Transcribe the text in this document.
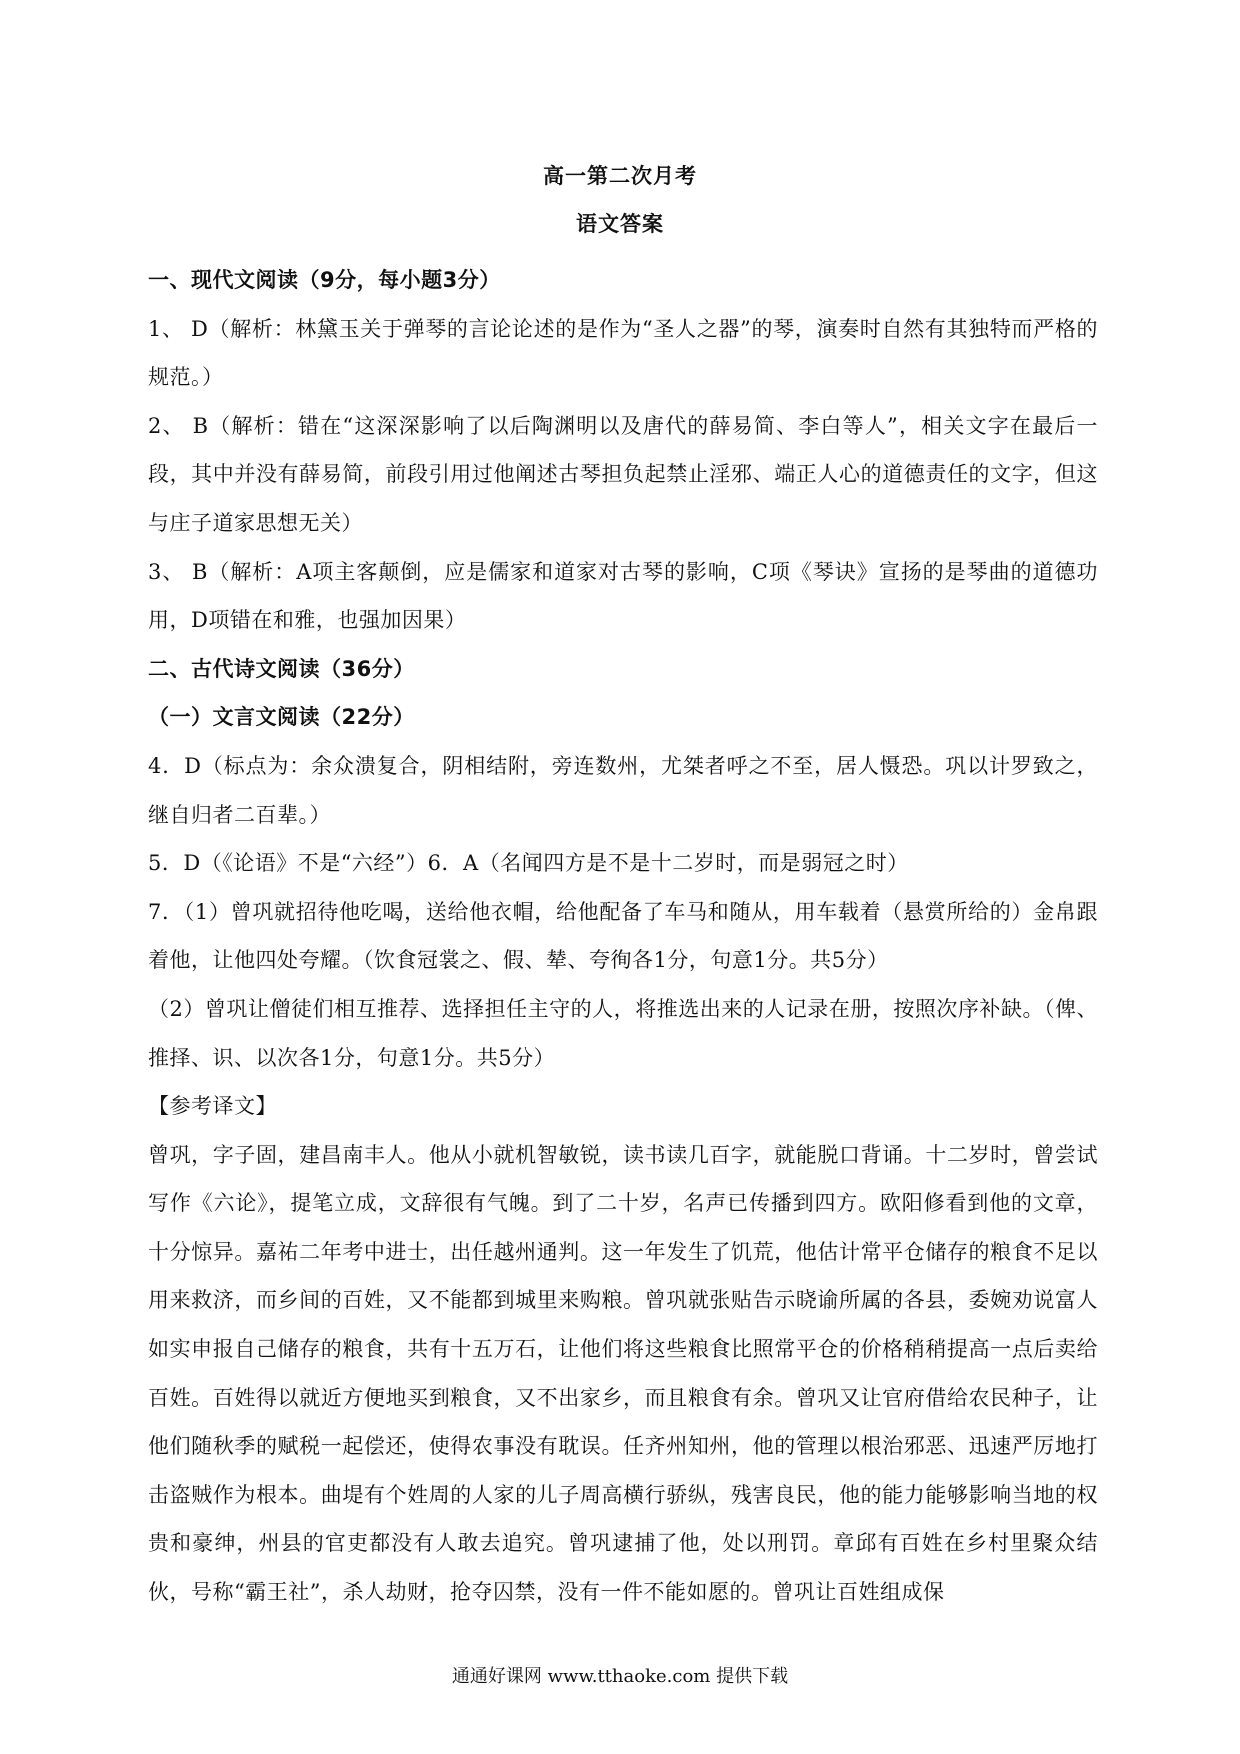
高一第二次月考
语文答案

一、现代文阅读（9分，每小题3分）

1、 D（解析：林黛玉关于弹琴的言论论述的是作为“圣人之器”的琴，演奏时自然有其独特而严格的规范。）

2、 B（解析：错在“这深深影响了以后陶渊明以及唐代的薛易简、李白等人”，相关文字在最后一段，其中并没有薛易简，前段引用过他阐述古琴担负起禁止淫邪、端正人心的道德责任的文字，但这与庄子道家思想无关）

3、 B（解析：A项主客颠倒，应是儒家和道家对古琴的影响，C项《琴诀》宣扬的是琴曲的道德功用，D项错在和雅，也强加因果）

二、古代诗文阅读（36分）

（一）文言文阅读（22分）

4．D（标点为：余众溃复合，阴相结附，旁连数州，尤桀者呼之不至，居人慑恐。巩以计罗致之，继自归者二百辈。）

5．D（《论语》不是“六经”）6．A（名闻四方是不是十二岁时，而是弱冠之时）

7．（1）曾巩就招待他吃喝，送给他衣帽，给他配备了车马和随从，用车载着（悬赏所给的）金帛跟着他，让他四处夸耀。（饮食冠裳之、假、辇、夸徇各1分，句意1分。共5分）

（2）曾巩让僧徒们相互推荐、选择担任主守的人，将推选出来的人记录在册，按照次序补缺。（俾、推择、识、以次各1分，句意1分。共5分）

【参考译文】

曾巩，字子固，建昌南丰人。他从小就机智敏锐，读书读几百字，就能脱口背诵。十二岁时，曾尝试写作《六论》，提笔立成，文辞很有气魄。到了二十岁，名声已传播到四方。欧阳修看到他的文章，十分惊异。嘉祐二年考中进士，出任越州通判。这一年发生了饥荒，他估计常平仓储存的粮食不足以用来救济，而乡间的百姓，又不能都到城里来购粮。曾巩就张贴告示晓谕所属的各县，委婉劝说富人如实申报自己储存的粮食，共有十五万石，让他们将这些粮食比照常平仓的价格稍稍提高一点后卖给百姓。百姓得以就近方便地买到粮食，又不出家乡，而且粮食有余。曾巩又让官府借给农民种子，让他们随秋季的赋税一起偿还，使得农事没有耽误。任齐州知州，他的管理以根治邪恶、迅速严厉地打击盗贼作为根本。曲堤有个姓周的人家的儿子周高横行骄纵，残害良民，他的能力能够影响当地的权贵和豪绅，州县的官吏都没有人敢去追究。曾巩逮捕了他，处以刑罚。章邱有百姓在乡村里聚众结伙，号称“霸王社”，杀人劫财，抢夺囚禁，没有一件不能如愿的。曾巩让百姓组成保

通通好课网 www.tthaoke.com 提供下载
